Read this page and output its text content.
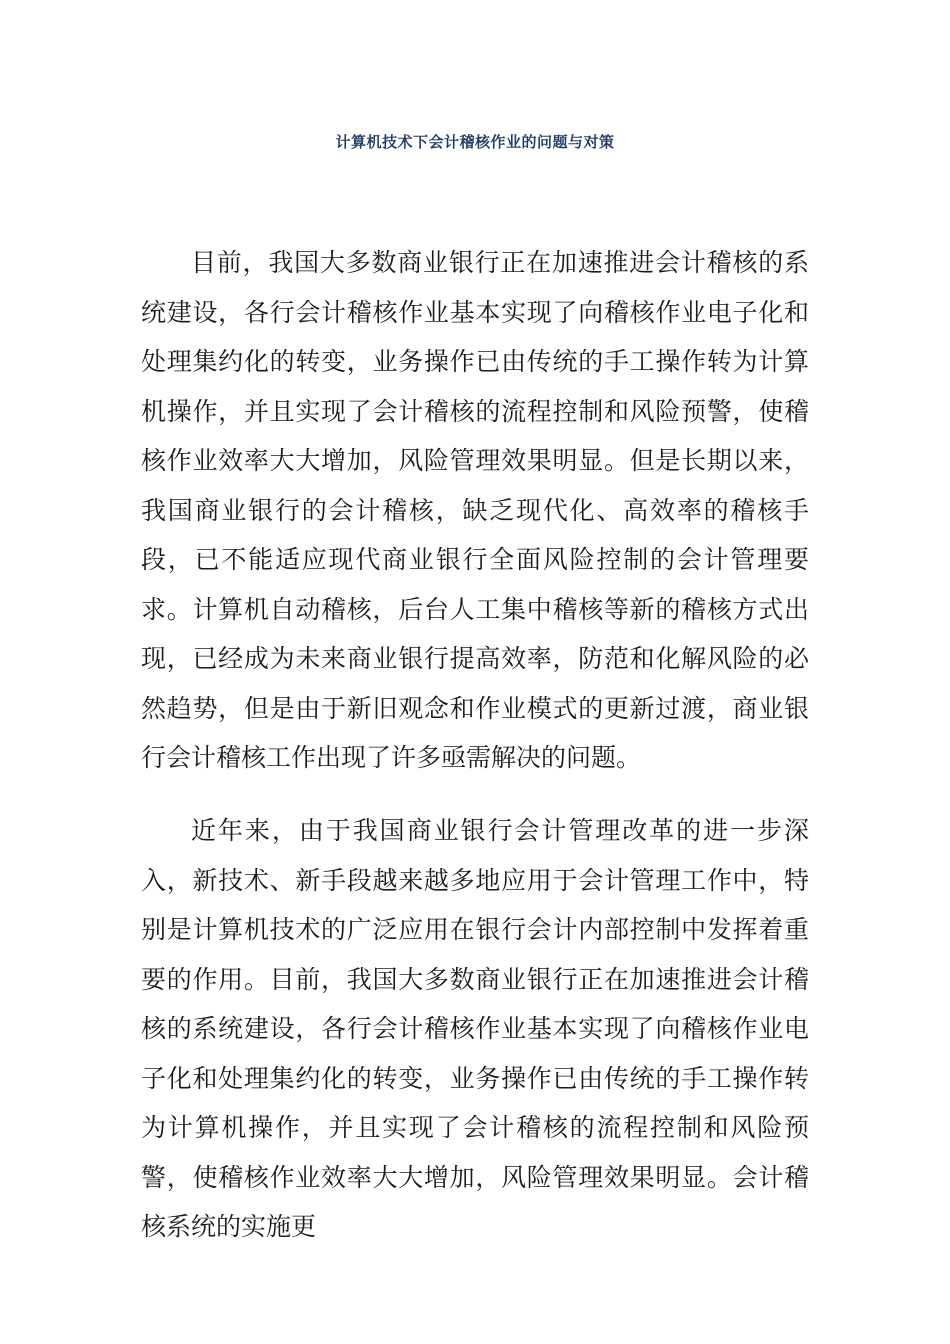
计算机技术下会计稽核作业的问题与对策

目前，我国大多数商业银行正在加速推进会计稽核的系统建设，各行会计稽核作业基本实现了向稽核作业电子化和处理集约化的转变，业务操作已由传统的手工操作转为计算机操作，并且实现了会计稽核的流程控制和风险预警，使稽核作业效率大大增加，风险管理效果明显。但是长期以来，我国商业银行的会计稽核，缺乏现代化、高效率的稽核手段，已不能适应现代商业银行全面风险控制的会计管理要求。计算机自动稽核，后台人工集中稽核等新的稽核方式出现，已经成为未来商业银行提高效率，防范和化解风险的必然趋势，但是由于新旧观念和作业模式的更新过渡，商业银行会计稽核工作出现了许多亟需解决的问题。

近年来，由于我国商业银行会计管理改革的进一步深入，新技术、新手段越来越多地应用于会计管理工作中，特别是计算机技术的广泛应用在银行会计内部控制中发挥着重要的作用。目前，我国大多数商业银行正在加速推进会计稽核的系统建设，各行会计稽核作业基本实现了向稽核作业电子化和处理集约化的转变，业务操作已由传统的手工操作转为计算机操作，并且实现了会计稽核的流程控制和风险预警，使稽核作业效率大大增加，风险管理效果明显。会计稽核系统的实施更
